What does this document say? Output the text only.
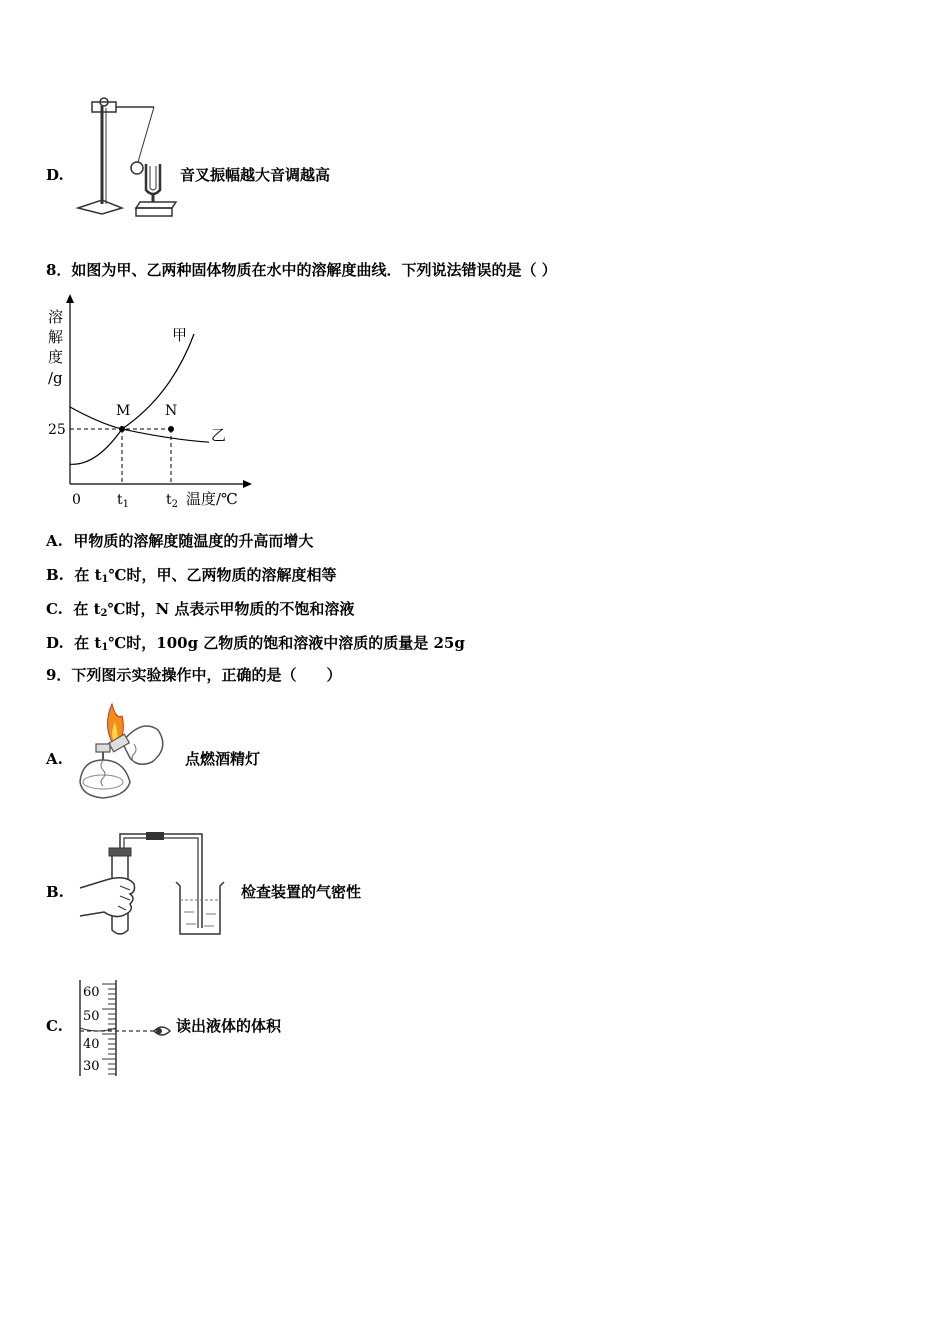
D.	音叉振幅越大音调越高
8．如图为甲、乙两种固体物质在水中的溶解度曲线．下列说法错误的是（ ）
溶
解
度
/g
25
0	$t_1$	$t_2$ 温度/℃
甲
乙
M N
A. 甲物质的溶解度随温度的升高而增大
B. 在 $t_1℃$时，甲、乙两物质的溶解度相等
C. 在 $t_2℃$时，N 点表示甲物质的不饱和溶液
D. 在 $t_1℃$时，100g 乙物质的饱和溶液中溶质的质量是 25g
9．下列图示实验操作中，正确的是（　　）
A.	点燃酒精灯
B.	检查装置的气密性
C.
60
50
40
30
读出液体的体积
